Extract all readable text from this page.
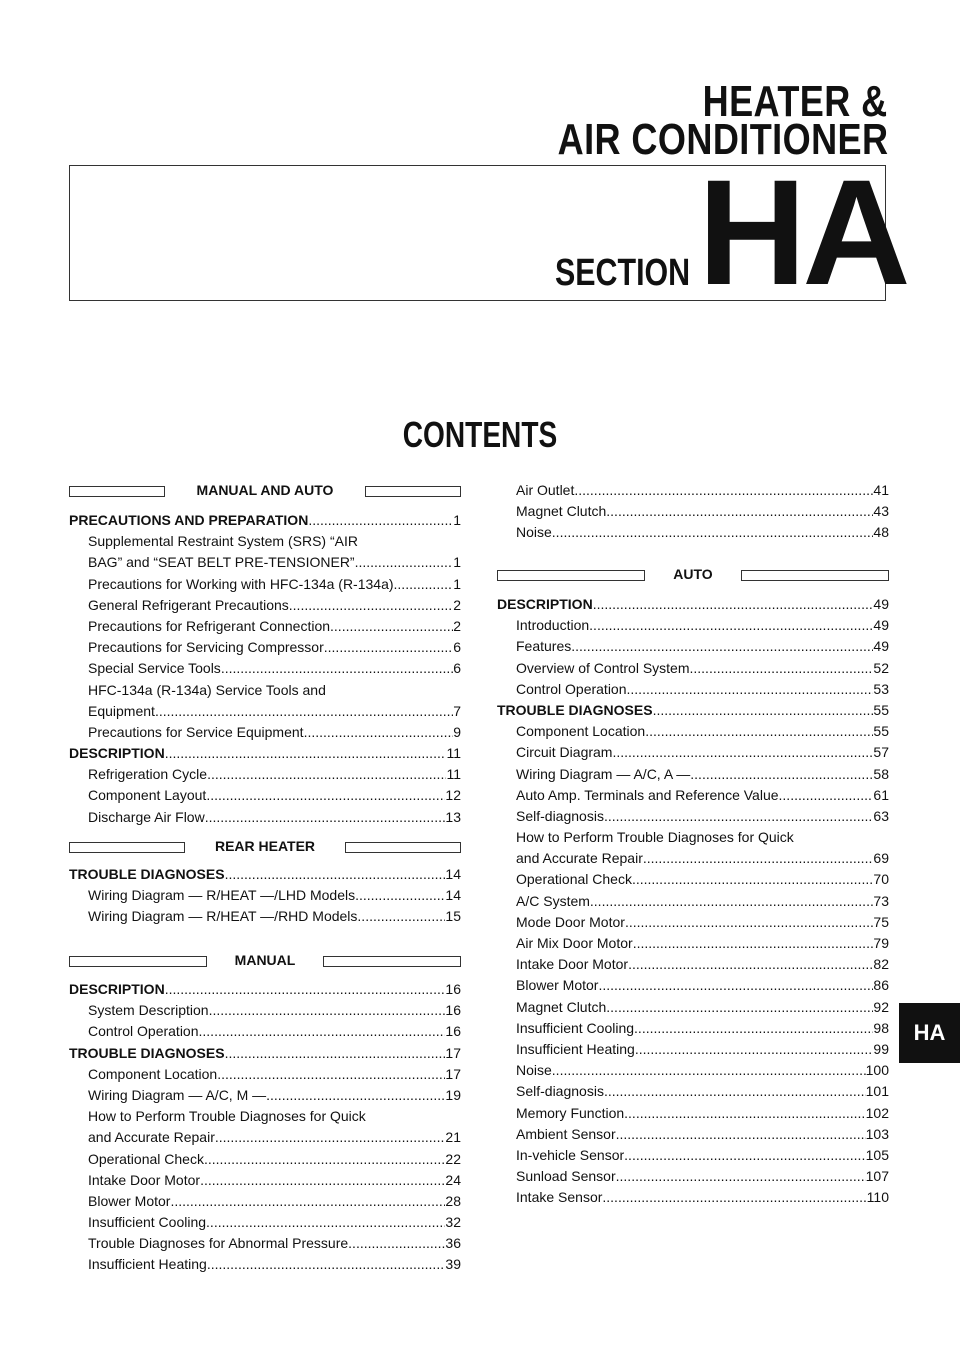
HEATER &
AIR CONDITIONER
SECTION HA
CONTENTS
MANUAL AND AUTO
REAR HEATER
MANUAL
AUTO
PRECAUTIONS AND PREPARATION .....	1
Supplemental Restraint System (SRS) “AIR
BAG” and “SEAT BELT PRE-TENSIONER” .....	1
Precautions for Working with HFC-134a (R-134a) .....	1
General Refrigerant Precautions .....	2
Precautions for Refrigerant Connection .....	2
Precautions for Servicing Compressor .....	6
Special Service Tools .....	6
HFC-134a (R-134a) Service Tools and
Equipment .....	7
Precautions for Service Equipment .....	9
DESCRIPTION .....	11
Refrigeration Cycle .....	11
Component Layout .....	12
Discharge Air Flow .....	13
TROUBLE DIAGNOSES .....	14
Wiring Diagram — R/HEAT —/LHD Models .....	14
Wiring Diagram — R/HEAT —/RHD Models .....	15
DESCRIPTION .....	16
System Description .....	16
Control Operation .....	16
TROUBLE DIAGNOSES .....	17
Component Location .....	17
Wiring Diagram — A/C, M — .....	19
How to Perform Trouble Diagnoses for Quick
and Accurate Repair .....	21
Operational Check .....	22
Intake Door Motor .....	24
Blower Motor .....	28
Insufficient Cooling .....	32
Trouble Diagnoses for Abnormal Pressure .....	36
Insufficient Heating .....	39
Air Outlet .....	41
Magnet Clutch .....	43
Noise .....	48
DESCRIPTION .....	49
Introduction .....	49
Features .....	49
Overview of Control System .....	52
Control Operation .....	53
TROUBLE DIAGNOSES .....	55
Component Location .....	55
Circuit Diagram .....	57
Wiring Diagram — A/C, A — .....	58
Auto Amp. Terminals and Reference Value .....	61
Self-diagnosis .....	63
How to Perform Trouble Diagnoses for Quick
and Accurate Repair .....	69
Operational Check .....	70
A/C System .....	73
Mode Door Motor .....	75
Air Mix Door Motor .....	79
Intake Door Motor .....	82
Blower Motor .....	86
Magnet Clutch .....	92
Insufficient Cooling .....	98
Insufficient Heating .....	99
Noise .....	100
Self-diagnosis .....	101
Memory Function .....	102
Ambient Sensor .....	103
In-vehicle Sensor .....	105
Sunload Sensor .....	107
Intake Sensor .....	110
HA
